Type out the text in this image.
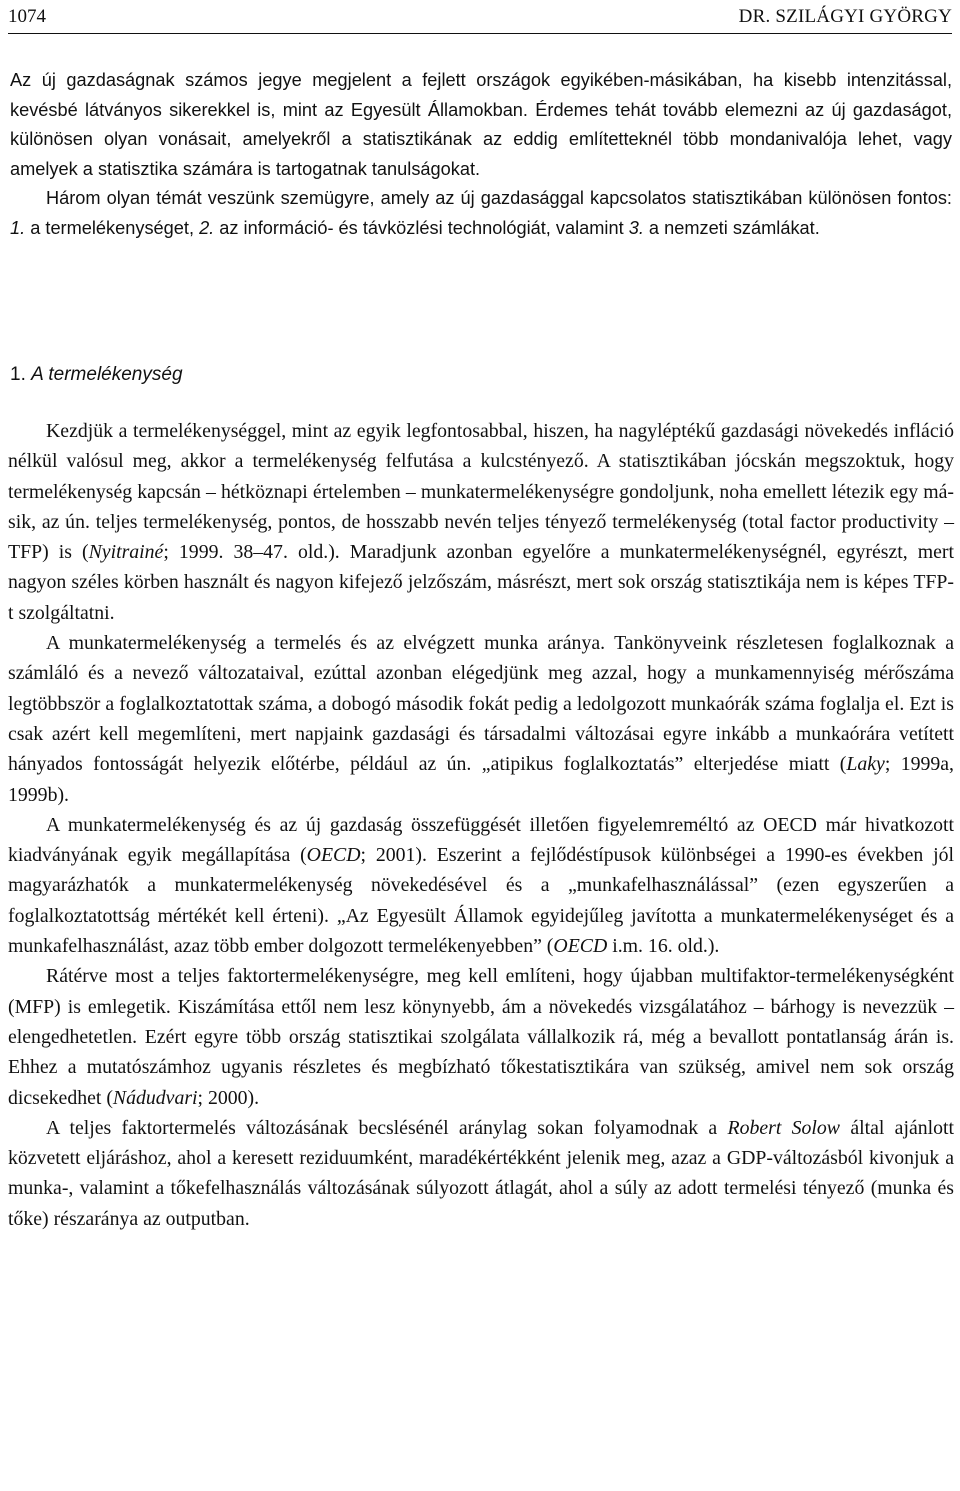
1074	DR. SZILÁGYI GYÖRGY

Az új gazdaságnak számos jegye megjelent a fejlett országok egyikében-másikában, ha kisebb intenzitással, kevésbé látványos sikerekkel is, mint az Egyesült Államokban. Érdemes tehát tovább elemezni az új gazdaságot, különösen olyan vonásait, amelyekről a statisztikának az eddig említetteknél több mondanivalója lehet, vagy amelyek a statisztika számára is tartogatnak tanulságokat.

Három olyan témát veszünk szemügyre, amely az új gazdasággal kapcsolatos statisztikában különösen fontos: 1. a termelékenységet, 2. az információ- és távközlési technológiát, valamint 3. a nemzeti számlákat.

1. A termelékenység

Kezdjük a termelékenységgel, mint az egyik legfontosabbal, hiszen, ha nagyléptékű gazdasági növekedés infláció nélkül valósul meg, akkor a termelékenység felfutása a kulcstényező. A statisztikában jócskán megszoktuk, hogy termelékenység kapcsán – hétköznapi értelemben – munkatermelékenységre gondoljunk, noha emellett létezik egy másik, az ún. teljes termelékenység, pontos, de hosszabb nevén teljes tényező termelékenység (total factor productivity – TFP) is (Nyitrainé; 1999. 38–47. old.). Maradjunk azonban egyelőre a munkatermelékenységnél, egyrészt, mert nagyon széles körben használt és nagyon kifejező jelzőszám, másrészt, mert sok ország statisztikája nem is képes TFP-t szolgáltatni.

A munkatermelékenység a termelés és az elvégzett munka aránya. Tankönyveink részletesen foglalkoznak a számláló és a nevező változataival, ezúttal azonban elégedjünk meg azzal, hogy a munkamennyiség mérőszáma legtöbbször a foglalkoztatottak száma, a dobogó második fokát pedig a ledolgozott munkaórák száma foglalja el. Ezt is csak azért kell megemlíteni, mert napjaink gazdasági és társadalmi változásai egyre inkább a munkaórára vetített hányados fontosságát helyezik előtérbe, például az ún. „atipikus foglalkoztatás” elterjedése miatt (Laky; 1999a, 1999b).

A munkatermelékenység és az új gazdaság összefüggését illetően figyelemreméltó az OECD már hivatkozott kiadványának egyik megállapítása (OECD; 2001). Eszerint a fejlődéstípusok különbségei a 1990-es években jól magyarázhatók a munkatermelékenység növekedésével és a „munkafelhasználással” (ezen egyszerűen a foglalkoztatottság mértékét kell érteni). „Az Egyesült Államok egyidejűleg javította a munkatermelékenységet és a munkafelhasználást, azaz több ember dolgozott termelékenyebben” (OECD i.m. 16. old.).

Rátérve most a teljes faktortermelékenységre, meg kell említeni, hogy újabban multifaktor-termelékenységként (MFP) is emlegetik. Kiszámítása ettől nem lesz könynyebb, ám a növekedés vizsgálatához – bárhogy is nevezzük – elengedhetetlen. Ezért egyre több ország statisztikai szolgálata vállalkozik rá, még a bevallott pontatlanság árán is. Ehhez a mutatószámhoz ugyanis részletes és megbízható tőkestatisztikára van szükség, amivel nem sok ország dicsekedhet (Nádudvari; 2000).

A teljes faktortermelés változásának becslésénél aránylag sokan folyamodnak a Robert Solow által ajánlott közvetett eljáráshoz, ahol a keresett reziduumként, maradékértékként jelenik meg, azaz a GDP-változásból kivonjuk a munka-, valamint a tőkefelhasználás változásának súlyozott átlagát, ahol a súly az adott termelési tényező (munka és tőke) részaránya az outputban.
